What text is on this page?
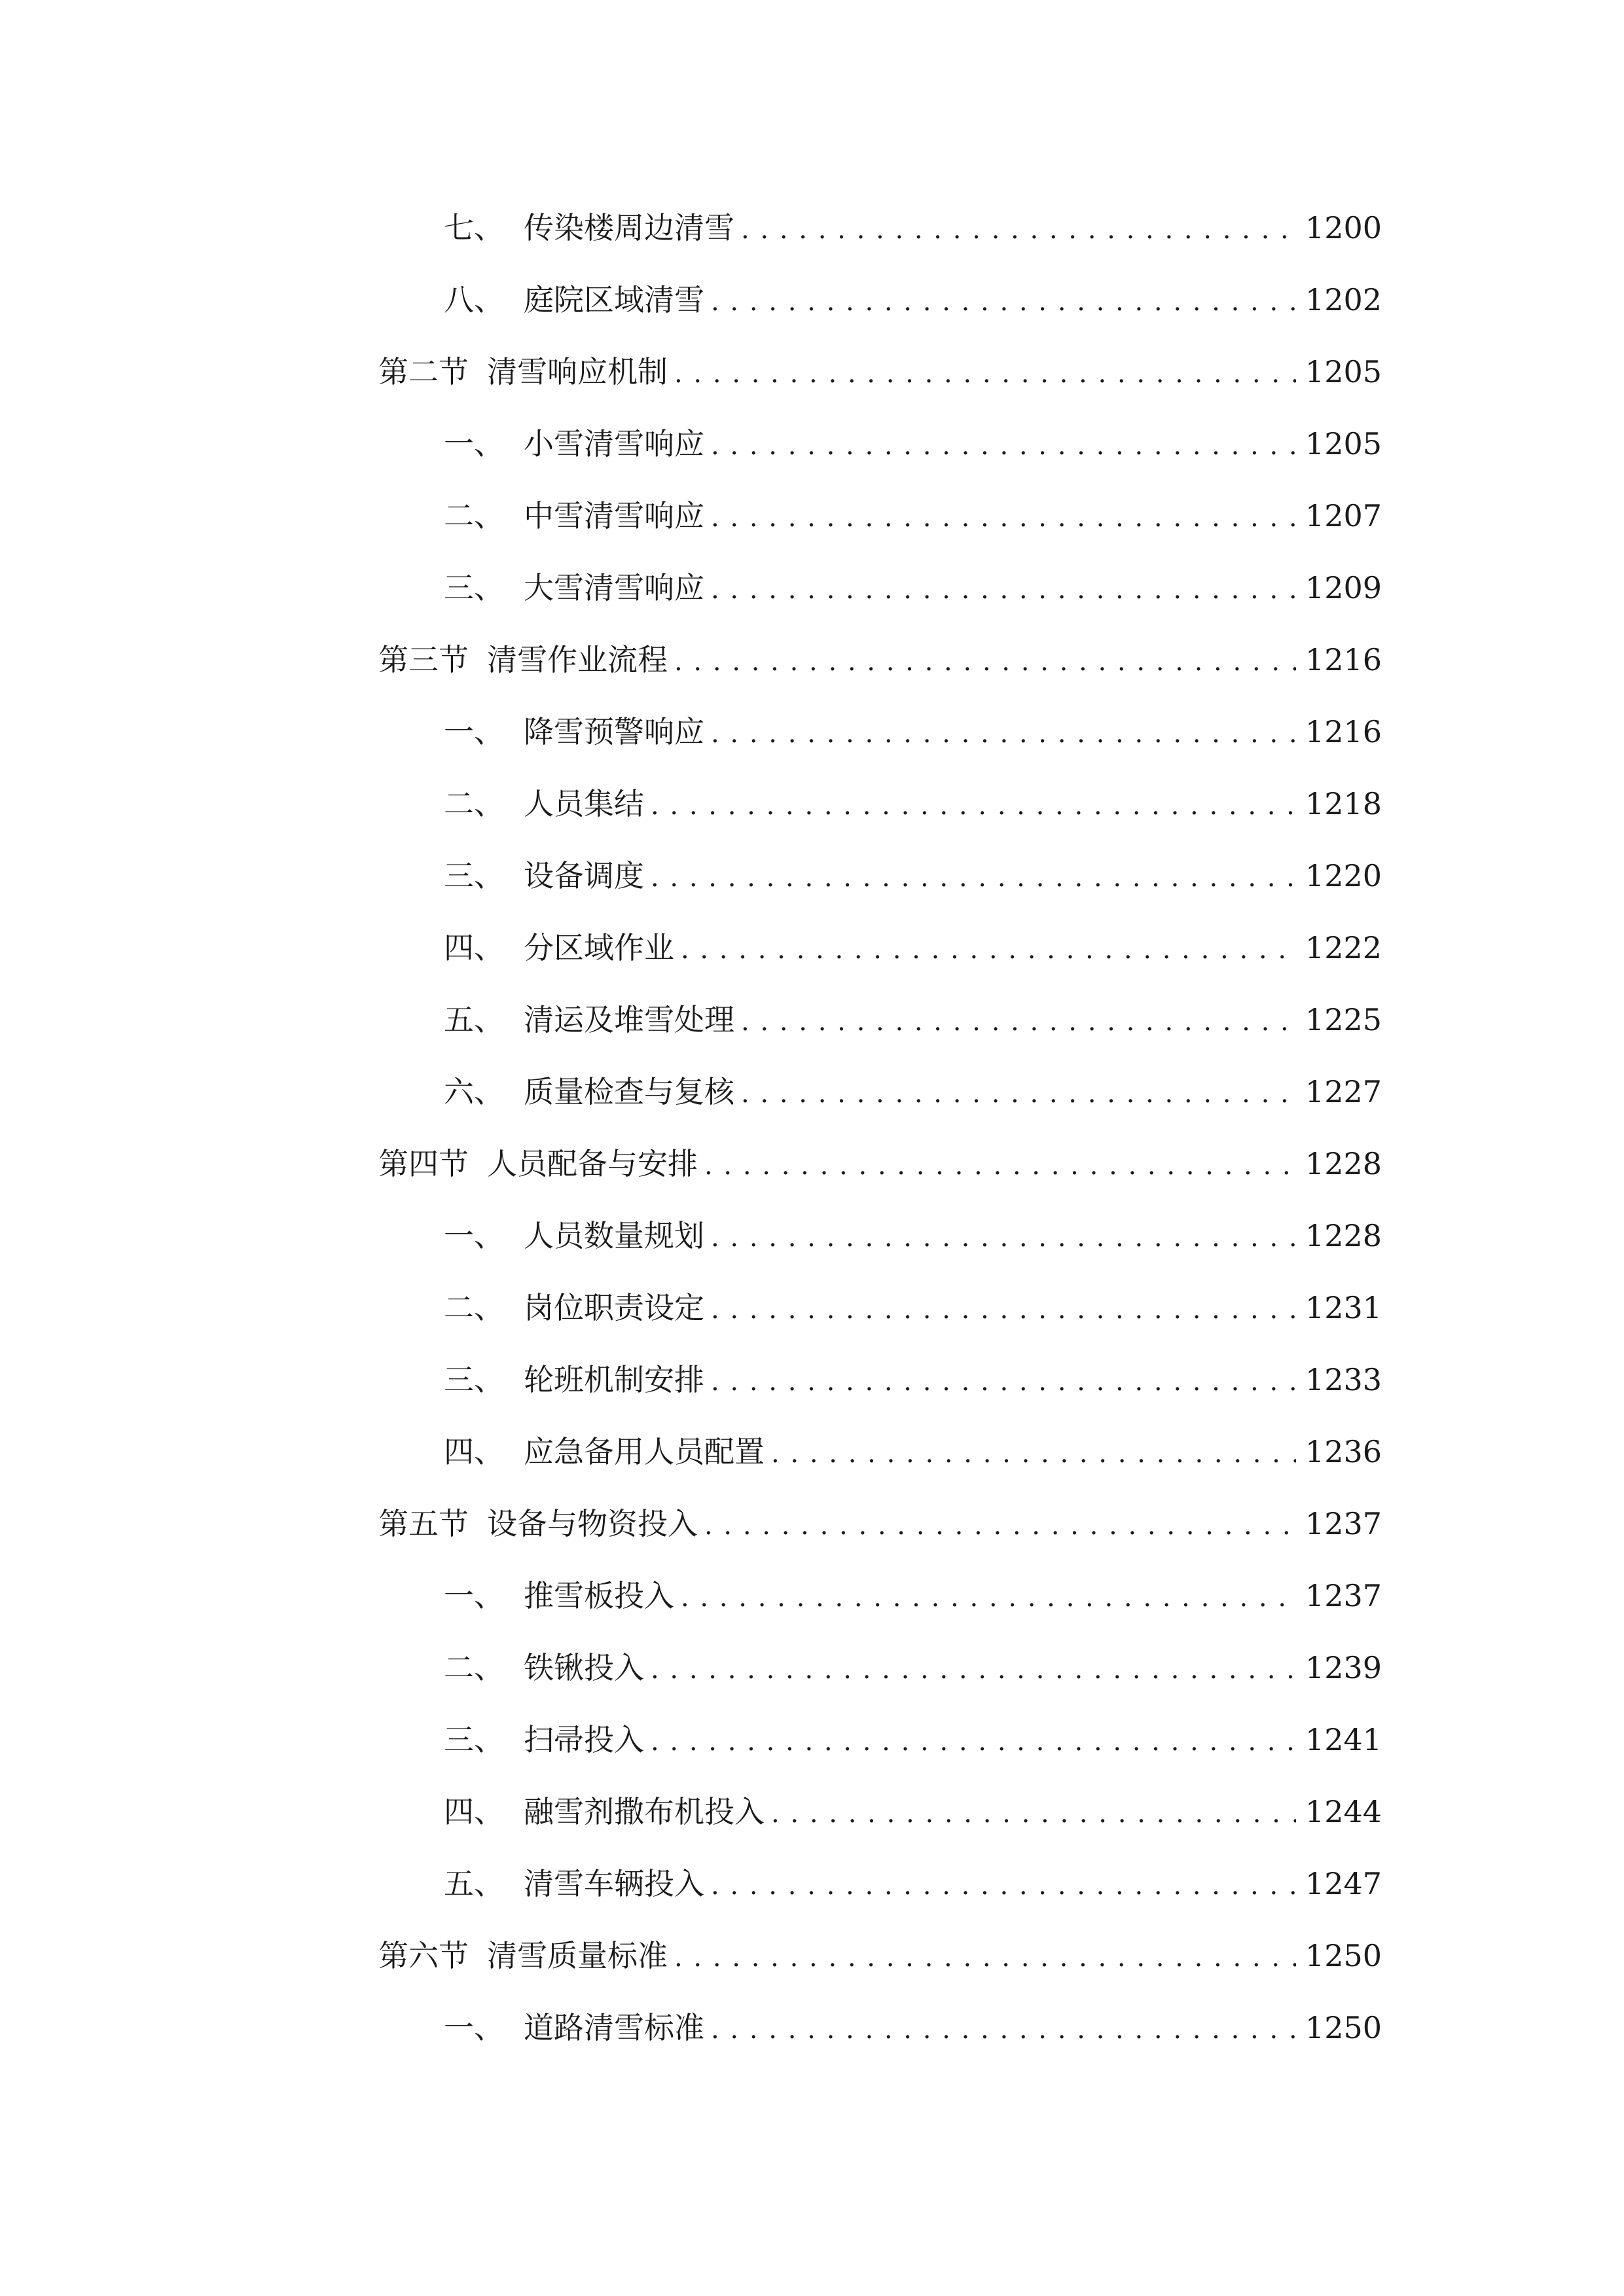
七、 传染楼周边清雪 . . .	1200
八、 庭院区域清雪 . . .	1202
第二节 清雪响应机制 . . .	1205
一、 小雪清雪响应 . . .	1205
二、 中雪清雪响应 . . .	1207
三、 大雪清雪响应 . . .	1209
第三节 清雪作业流程 . . .	1216
一、 降雪预警响应 . . .	1216
二、 人员集结 . . .	1218
三、 设备调度 . . .	1220
四、 分区域作业 . . .	1222
五、 清运及堆雪处理 . . .	1225
六、 质量检查与复核 . . .	1227
第四节 人员配备与安排 . . .	1228
一、 人员数量规划 . . .	1228
二、 岗位职责设定 . . .	1231
三、 轮班机制安排 . . .	1233
四、 应急备用人员配置 . . .	1236
第五节 设备与物资投入 . . .	1237
一、 推雪板投入 . . .	1237
二、 铁锹投入 . . .	1239
三、 扫帚投入 . . .	1241
四、 融雪剂撒布机投入 . . .	1244
五、 清雪车辆投入 . . .	1247
第六节 清雪质量标准 . . .	1250
一、 道路清雪标准 . . .	1250
